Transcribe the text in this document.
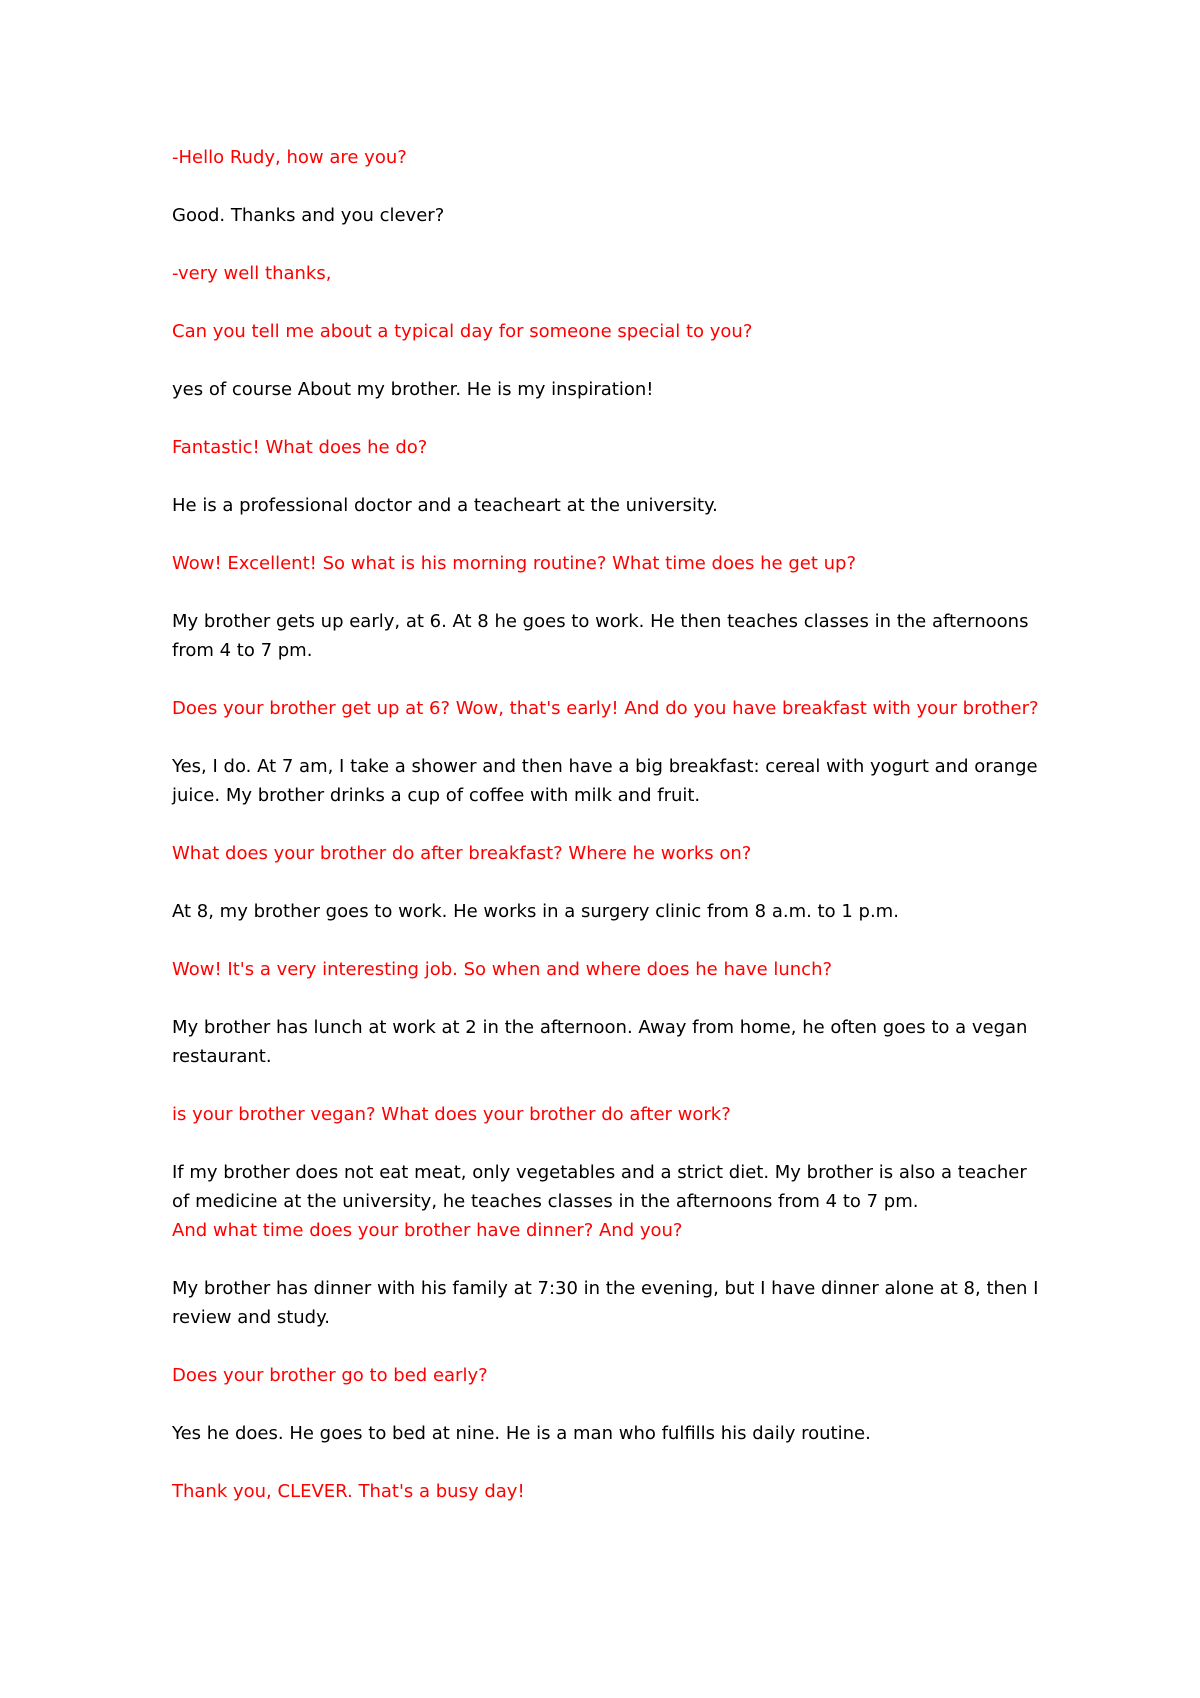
-Hello Rudy, how are you?

Good. Thanks and you clever?

-very well thanks,

Can you tell me about a typical day for someone special to you?

yes of course About my brother. He is my inspiration!

Fantastic! What does he do?

He is a professional doctor and a teacheart at the university.

Wow! Excellent! So what is his morning routine? What time does he get up?

My brother gets up early, at 6. At 8 he goes to work. He then teaches classes in the afternoons from 4 to 7 pm.

Does your brother get up at 6? Wow, that's early! And do you have breakfast with your brother?

Yes, I do. At 7 am, I take a shower and then have a big breakfast: cereal with yogurt and orange juice. My brother drinks a cup of coffee with milk and fruit.

What does your brother do after breakfast? Where he works on?

At 8, my brother goes to work. He works in a surgery clinic from 8 a.m. to 1 p.m.

Wow! It's a very interesting job. So when and where does he have lunch?

My brother has lunch at work at 2 in the afternoon. Away from home, he often goes to a vegan restaurant.

is your brother vegan? What does your brother do after work?

If my brother does not eat meat, only vegetables and a strict diet. My brother is also a teacher of medicine at the university, he teaches classes in the afternoons from 4 to 7 pm.

And what time does your brother have dinner? And you?

My brother has dinner with his family at 7:30 in the evening, but I have dinner alone at 8, then I review and study.

Does your brother go to bed early?

Yes he does. He goes to bed at nine. He is a man who fulfills his daily routine.

Thank you, CLEVER. That's a busy day!
